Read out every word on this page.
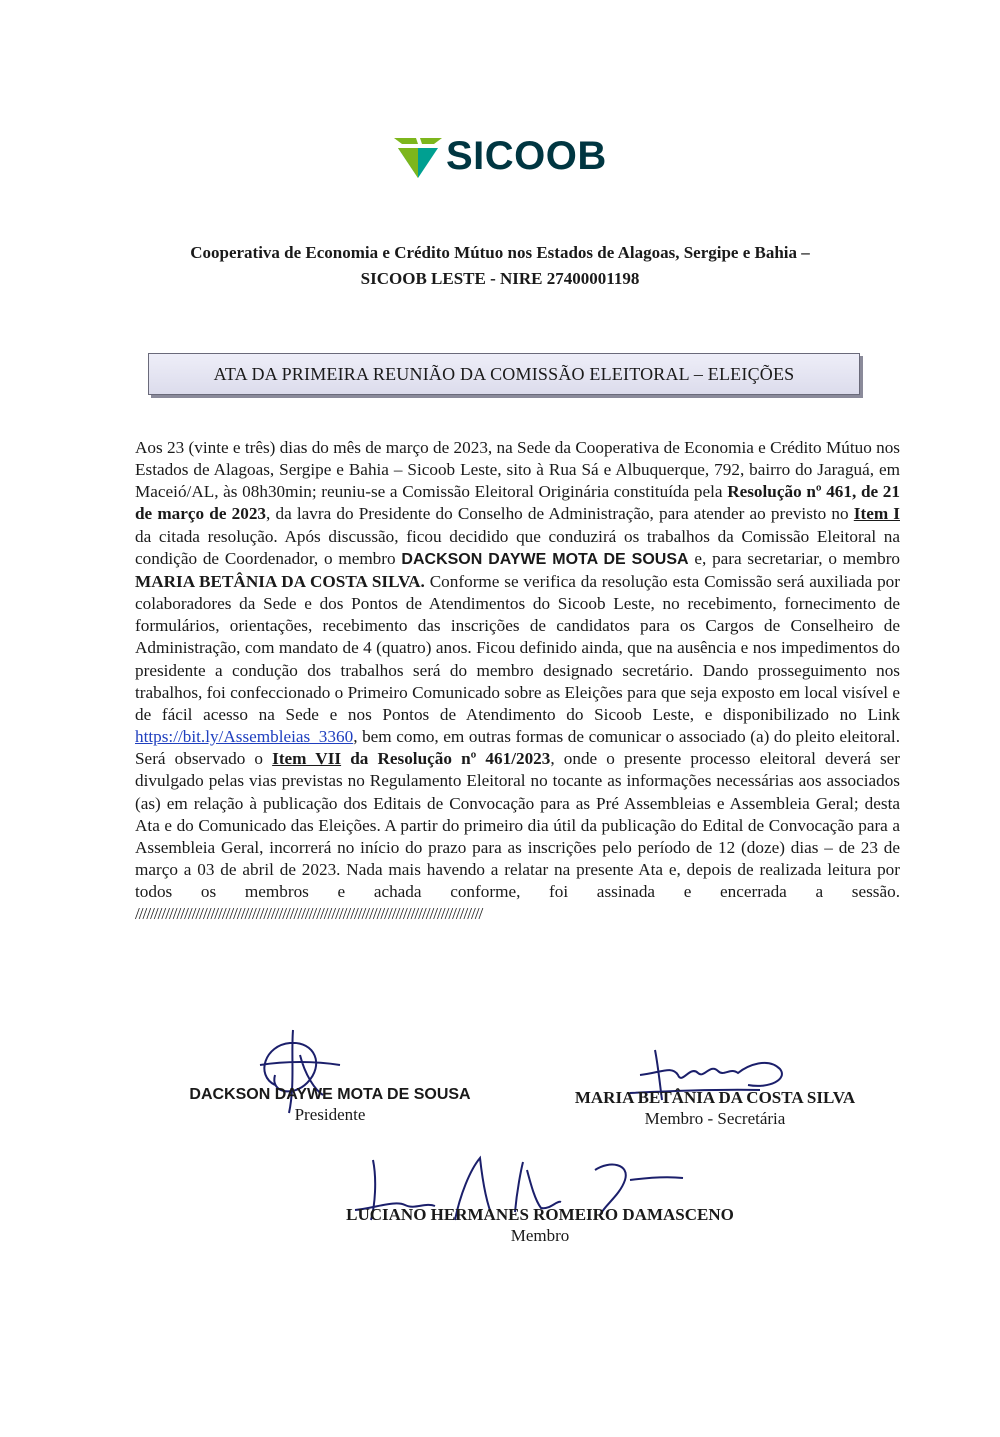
SICOOB
Cooperativa de Economia e Crédito Mútuo nos Estados de Alagoas, Sergipe e Bahia –
SICOOB LESTE - NIRE 27400001198
ATA DA PRIMEIRA REUNIÃO DA COMISSÃO ELEITORAL – ELEIÇÕES
Aos 23 (vinte e três) dias do mês de março de 2023, na Sede da Cooperativa de Economia e Crédito Mútuo nos Estados de Alagoas, Sergipe e Bahia – Sicoob Leste, sito à Rua Sá e Albuquerque, 792, bairro do Jaraguá, em Maceió/AL, às 08h30min; reuniu-se a Comissão Eleitoral Originária constituída pela Resolução nº 461, de 21 de março de 2023, da lavra do Presidente do Conselho de Administração, para atender ao previsto no Item I da citada resolução. Após discussão, ficou decidido que conduzirá os trabalhos da Comissão Eleitoral na condição de Coordenador, o membro DACKSON DAYWE MOTA DE SOUSA e, para secretariar, o membro MARIA BETÂNIA DA COSTA SILVA. Conforme se verifica da resolução esta Comissão será auxiliada por colaboradores da Sede e dos Pontos de Atendimentos do Sicoob Leste, no recebimento, fornecimento de formulários, orientações, recebimento das inscrições de candidatos para os Cargos de Conselheiro de Administração, com mandato de 4 (quatro) anos. Ficou definido ainda, que na ausência e nos impedimentos do presidente a condução dos trabalhos será do membro designado secretário. Dando prosseguimento nos trabalhos, foi confeccionado o Primeiro Comunicado sobre as Eleições para que seja exposto em local visível e de fácil acesso na Sede e nos Pontos de Atendimento do Sicoob Leste, e disponibilizado no Link https://bit.ly/Assembleias_3360, bem como, em outras formas de comunicar o associado (a) do pleito eleitoral. Será observado o Item VII da Resolução nº 461/2023, onde o presente processo eleitoral deverá ser divulgado pelas vias previstas no Regulamento Eleitoral no tocante as informações necessárias aos associados (as) em relação à publicação dos Editais de Convocação para as Pré Assembleias e Assembleia Geral; desta Ata e do Comunicado das Eleições. A partir do primeiro dia útil da publicação do Edital de Convocação para a Assembleia Geral, incorrerá no início do prazo para as inscrições pelo período de 12 (doze) dias – de 23 de março a 03 de abril de 2023. Nada mais havendo a relatar na presente Ata e, depois de realizada leitura por todos os membros e achada conforme, foi assinada e encerrada a sessão. ////////////////////////////////////////////////////////////////////////////////////////////
DACKSON DAYWE MOTA DE SOUSA
Presidente
MARIA BETÂNIA DA COSTA SILVA
Membro - Secretária
LUCIANO HERMANES ROMEIRO DAMASCENO
Membro
